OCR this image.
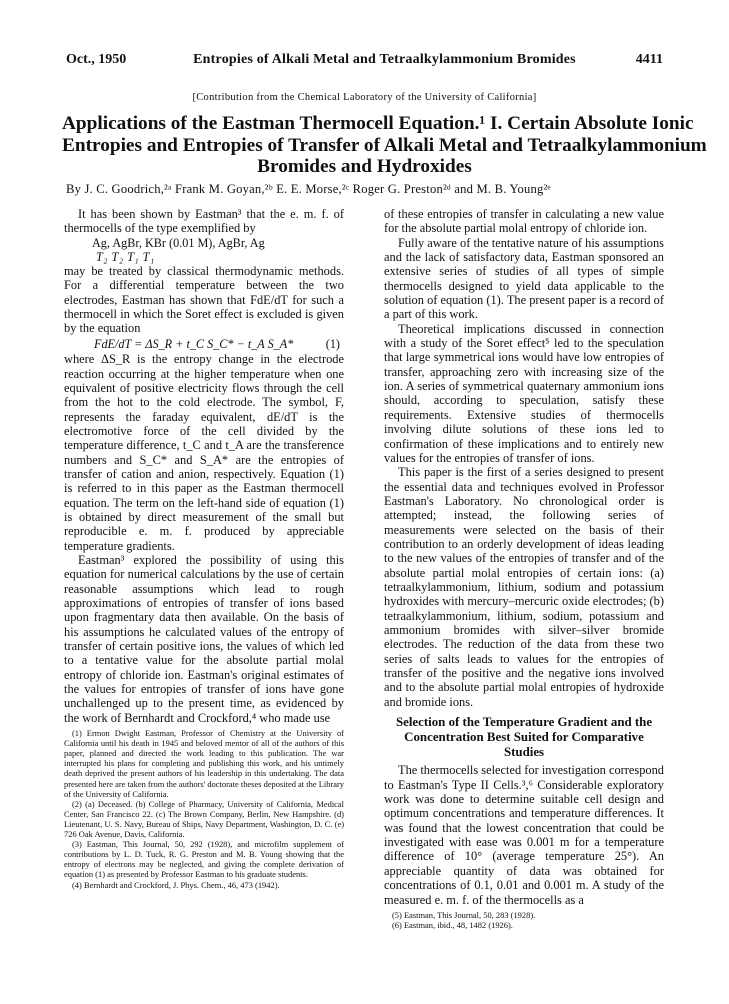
Oct., 1950	Entropies of Alkali Metal and Tetraalkylammonium Bromides	4411
[Contribution from the Chemical Laboratory of the University of California]
Applications of the Eastman Thermocell Equation.¹ I. Certain Absolute Ionic
Entropies and Entropies of Transfer of Alkali Metal and Tetraalkylammonium
Bromides and Hydroxides
By J. C. Goodrich,²ᵃ Frank M. Goyan,²ᵇ E. E. Morse,²ᶜ Roger G. Preston²ᵈ and M. B. Young²ᵉ

It has been shown by Eastman³ that the e. m. f. of thermocells of the type exemplified by

Ag, AgBr, KBr (0.01 M), AgBr, Ag
T₂ T₂ T₁ T₁

may be treated by classical thermodynamic methods. For a differential temperature between the two electrodes, Eastman has shown that FdE/dT for such a thermocell in which the Soret effect is excluded is given by the equation

FdE/dT = ΔS_R + t_C S_C* − t_A S_A*	(1)

where ΔS_R is the entropy change in the electrode reaction occurring at the higher temperature when one equivalent of positive electricity flows through the cell from the hot to the cold electrode. The symbol, F, represents the faraday equivalent, dE/dT is the electromotive force of the cell divided by the temperature difference, t_C and t_A are the transference numbers and S_C* and S_A* are the entropies of transfer of cation and anion, respectively. Equation (1) is referred to in this paper as the Eastman thermocell equation. The term on the left-hand side of equation (1) is obtained by direct measurement of the small but reproducible e. m. f. produced by appreciable temperature gradients.

Eastman³ explored the possibility of using this equation for numerical calculations by the use of certain reasonable assumptions which lead to rough approximations of entropies of transfer of ions based upon fragmentary data then available. On the basis of his assumptions he calculated values of the entropy of transfer of certain positive ions, the values of which led to a tentative value for the absolute partial molal entropy of chloride ion. Eastman's original estimates of the values for entropies of transfer of ions have gone unchallenged up to the present time, as evidenced by the work of Bernhardt and Crockford,⁴ who made use

(1) Ermon Dwight Eastman, Professor of Chemistry at the University of California until his death in 1945 and beloved mentor of all of the authors of this paper, planned and directed the work leading to this publication. The war interrupted his plans for completing and publishing this work, and his untimely death deprived the present authors of his leadership in this undertaking. The data presented here are taken from the authors' doctorate theses deposited at the Library of the University of California.

(2) (a) Deceased. (b) College of Pharmacy, University of California, Medical Center, San Francisco 22. (c) The Brown Company, Berlin, New Hampshire. (d) Lieutenant, U. S. Navy, Bureau of Ships, Navy Department, Washington, D. C. (e) 726 Oak Avenue, Davis, California.

(3) Eastman, This Journal, 50, 292 (1928), and microfilm supplement of contributions by L. D. Tuck, R. G. Preston and M. B. Young showing that the entropy of electrons may be neglected, and giving the complete derivation of equation (1) as presented by Professor Eastman to his graduate students.

(4) Bernhardt and Crockford, J. Phys. Chem., 46, 473 (1942).

of these entropies of transfer in calculating a new value for the absolute partial molal entropy of chloride ion.

Fully aware of the tentative nature of his assumptions and the lack of satisfactory data, Eastman sponsored an extensive series of studies of all types of simple thermocells designed to yield data applicable to the solution of equation (1). The present paper is a record of a part of this work.

Theoretical implications discussed in connection with a study of the Soret effect⁵ led to the speculation that large symmetrical ions would have low entropies of transfer, approaching zero with increasing size of the ion. A series of symmetrical quaternary ammonium ions should, according to speculation, satisfy these requirements. Extensive studies of thermocells involving dilute solutions of these ions led to confirmation of these implications and to entirely new values for the entropies of transfer of ions.

This paper is the first of a series designed to present the essential data and techniques evolved in Professor Eastman's Laboratory. No chronological order is attempted; instead, the following series of measurements were selected on the basis of their contribution to an orderly development of ideas leading to the new values of the entropies of transfer and of the absolute partial molal entropies of certain ions: (a) tetraalkylammonium, lithium, sodium and potassium hydroxides with mercury–mercuric oxide electrodes; (b) tetraalkylammonium, lithium, sodium, potassium and ammonium bromides with silver–silver bromide electrodes. The reduction of the data from these two series of salts leads to values for the entropies of transfer of the positive and the negative ions involved and to the absolute partial molal entropies of hydroxide and bromide ions.

Selection of the Temperature Gradient and the Concentration Best Suited for Comparative Studies

The thermocells selected for investigation correspond to Eastman's Type II Cells.³,⁶ Considerable exploratory work was done to determine suitable cell design and optimum concentrations and temperature differences. It was found that the lowest concentration that could be investigated with ease was 0.001 m for a temperature difference of 10° (average temperature 25°). An appreciable quantity of data was obtained for concentrations of 0.1, 0.01 and 0.001 m. A study of the measured e. m. f. of the thermocells as a

(5) Eastman, This Journal, 50, 283 (1928).

(6) Eastman, ibid., 48, 1482 (1926).
